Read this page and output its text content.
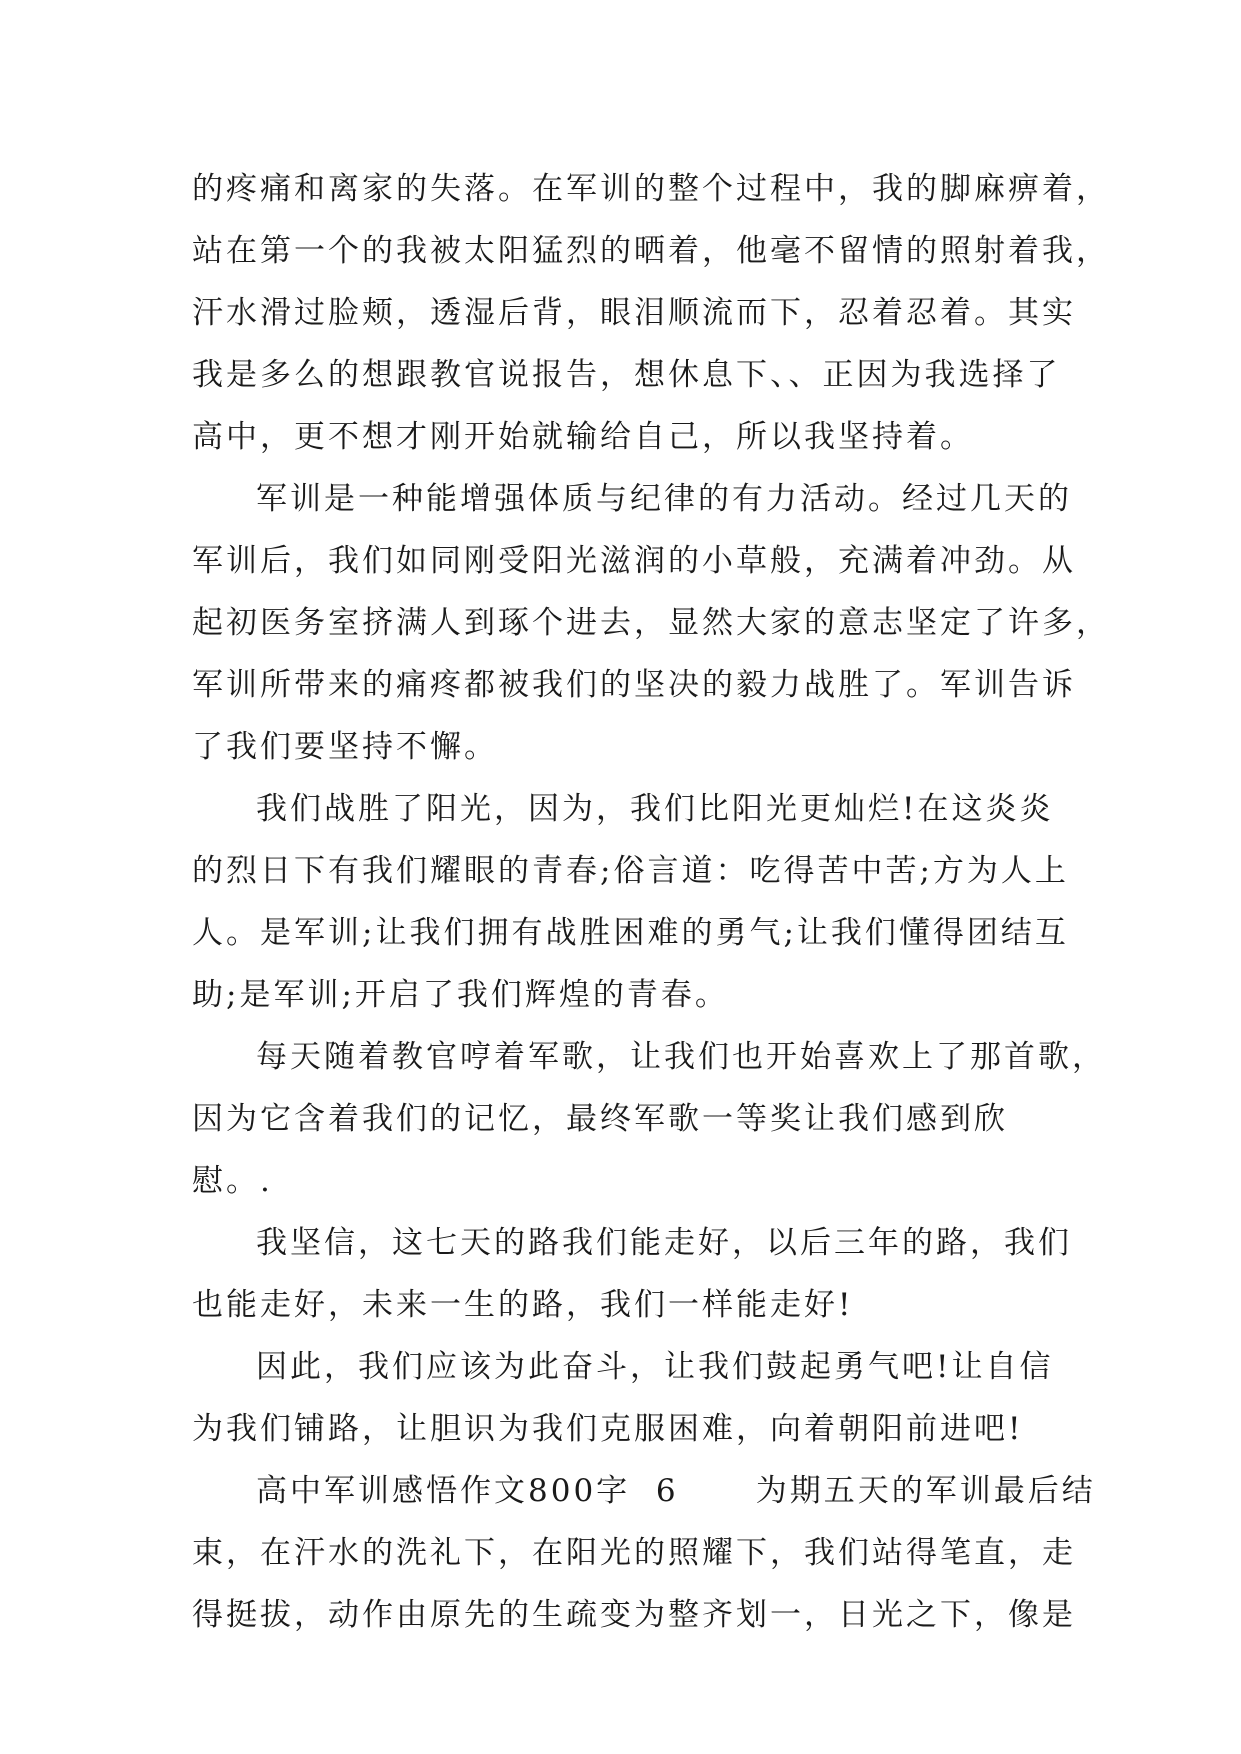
的疼痛和离家的失落。在军训的整个过程中，我的脚麻痹着，
站在第一个的我被太阳猛烈的晒着，他毫不留情的照射着我，
汗水滑过脸颊，透湿后背，眼泪顺流而下，忍着忍着。其实
我是多么的想跟教官说报告，想休息下、、正因为我选择了
高中，更不想才刚开始就输给自己，所以我坚持着。
军训是一种能增强体质与纪律的有力活动。经过几天的
军训后，我们如同刚受阳光滋润的小草般，充满着冲劲。从
起初医务室挤满人到琢个进去，显然大家的意志坚定了许多，
军训所带来的痛疼都被我们的坚决的毅力战胜了。军训告诉
了我们要坚持不懈。
我们战胜了阳光，因为，我们比阳光更灿烂!在这炎炎
的烈日下有我们耀眼的青春;俗言道：吃得苦中苦;方为人上
人。是军训;让我们拥有战胜困难的勇气;让我们懂得团结互
助;是军训;开启了我们辉煌的青春。
每天随着教官哼着军歌，让我们也开始喜欢上了那首歌，
因为它含着我们的记忆，最终军歌一等奖让我们感到欣
慰。.
我坚信，这七天的路我们能走好，以后三年的路，我们
也能走好，未来一生的路，我们一样能走好!
因此，我们应该为此奋斗，让我们鼓起勇气吧!让自信
为我们铺路，让胆识为我们克服困难，向着朝阳前进吧!
高中军训感悟作文800字  6      为期五天的军训最后结
束，在汗水的洗礼下，在阳光的照耀下，我们站得笔直，走
得挺拔，动作由原先的生疏变为整齐划一，日光之下，像是
